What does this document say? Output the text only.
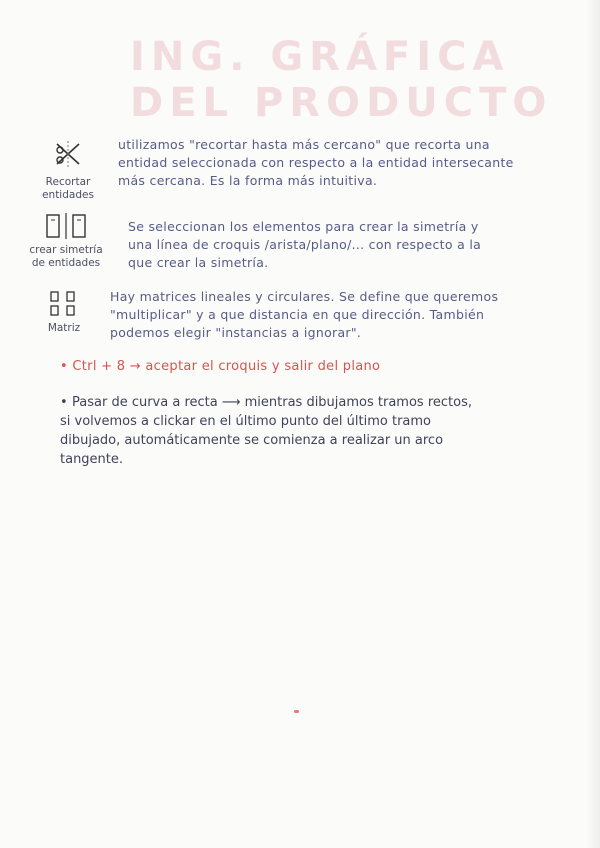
ING. GRÁFICA
DEL PRODUCTO
Recortar entidades
utilizamos "recortar hasta más cercano" que recorta una
entidad seleccionada con respecto a la entidad intersecante
más cercana. Es la forma más intuitiva.
crear simetría de entidades
Se seleccionan los elementos para crear la simetría y
una línea de croquis /arista/plano/... con respecto a la
que crear la simetría.
Matriz
Hay matrices lineales y circulares. Se define que queremos
"multiplicar" y a que distancia en que dirección. También
podemos elegir "instancias a ignorar".
• Ctrl + 8 → aceptar el croquis y salir del plano
• Pasar de curva a recta ⟶ mientras dibujamos tramos rectos,
si volvemos a clickar en el último punto del último tramo
dibujado, automáticamente se comienza a realizar un arco
tangente.
